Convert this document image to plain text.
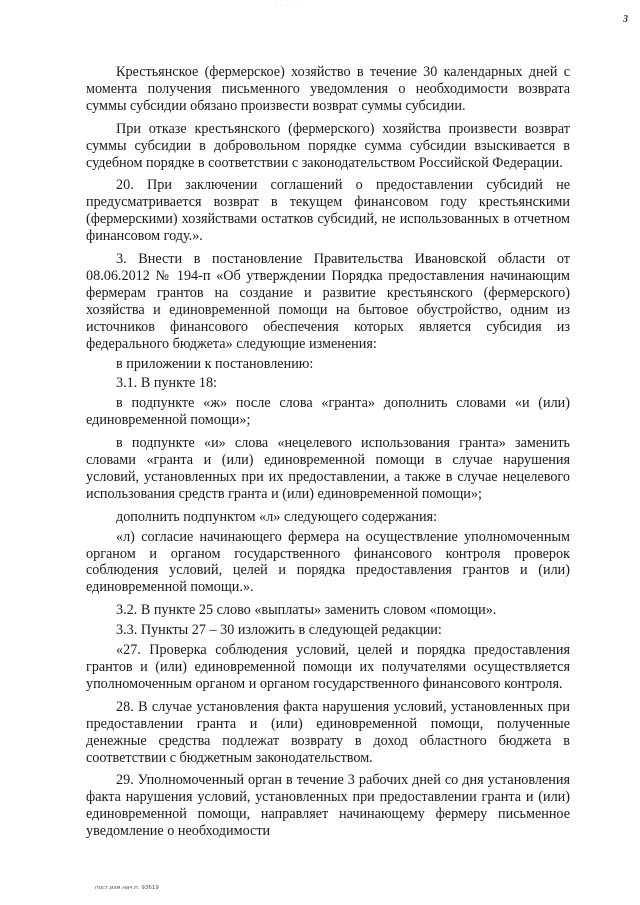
· · · · ·
3

Крестьянское (фермерское) хозяйство в течение 30 календарных дней с момента получения письменного уведомления о необходимости возврата суммы субсидии обязано произвести возврат суммы субсидии.

При отказе крестьянского (фермерского) хозяйства произвести возврат суммы субсидии в добровольном порядке сумма субсидии взыскивается в судебном порядке в соответствии с законодательством Российской Федерации.

20. При заключении соглашений о предоставлении субсидий не предусматривается возврат в текущем финансовом году крестьянскими (фермерскими) хозяйствами остатков субсидий, не использованных в отчетном финансовом году.».

3. Внести в постановление Правительства Ивановской области от 08.06.2012 № 194-п «Об утверждении Порядка предоставления начинающим фермерам грантов на создание и развитие крестьянского (фермерского) хозяйства и единовременной помощи на бытовое обустройство, одним из источников финансового обеспечения которых является субсидия из федерального бюджета» следующие изменения:

в приложении к постановлению:

3.1. В пункте 18:

в подпункте «ж» после слова «гранта» дополнить словами «и (или) единовременной помощи»;

в подпункте «и» слова «нецелевого использования гранта» заменить словами «гранта и (или) единовременной помощи в случае нарушения условий, установленных при их предоставлении, а также в случае нецелевого использования средств гранта и (или) единовременной помощи»;

дополнить подпунктом «л» следующего содержания:

«л) согласие начинающего фермера на осуществление уполномоченным органом и органом государственного финансового контроля проверок соблюдения условий, целей и порядка предоставления грантов и (или) единовременной помощи.».

3.2. В пункте 25 слово «выплаты» заменить словом «помощи».

3.3. Пункты 27 – 30 изложить в следующей редакции:

«27. Проверка соблюдения условий, целей и порядка предоставления грантов и (или) единовременной помощи их получателями осуществляется уполномоченным органом и органом государственного финансового контроля.

28. В случае установления факта нарушения условий, установленных при предоставлении гранта и (или) единовременной помощи, полученные денежные средства подлежат возврату в доход областного бюджета в соответствии с бюджетным законодательством.

29. Уполномоченный орган в течение 3 рабочих дней со дня установления факта нарушения условий, установленных при предоставлении гранта и (или) единовременной помощи, направляет начинающему фермеру письменное уведомление о необходимости

пост.изм.нач.п. 93619
